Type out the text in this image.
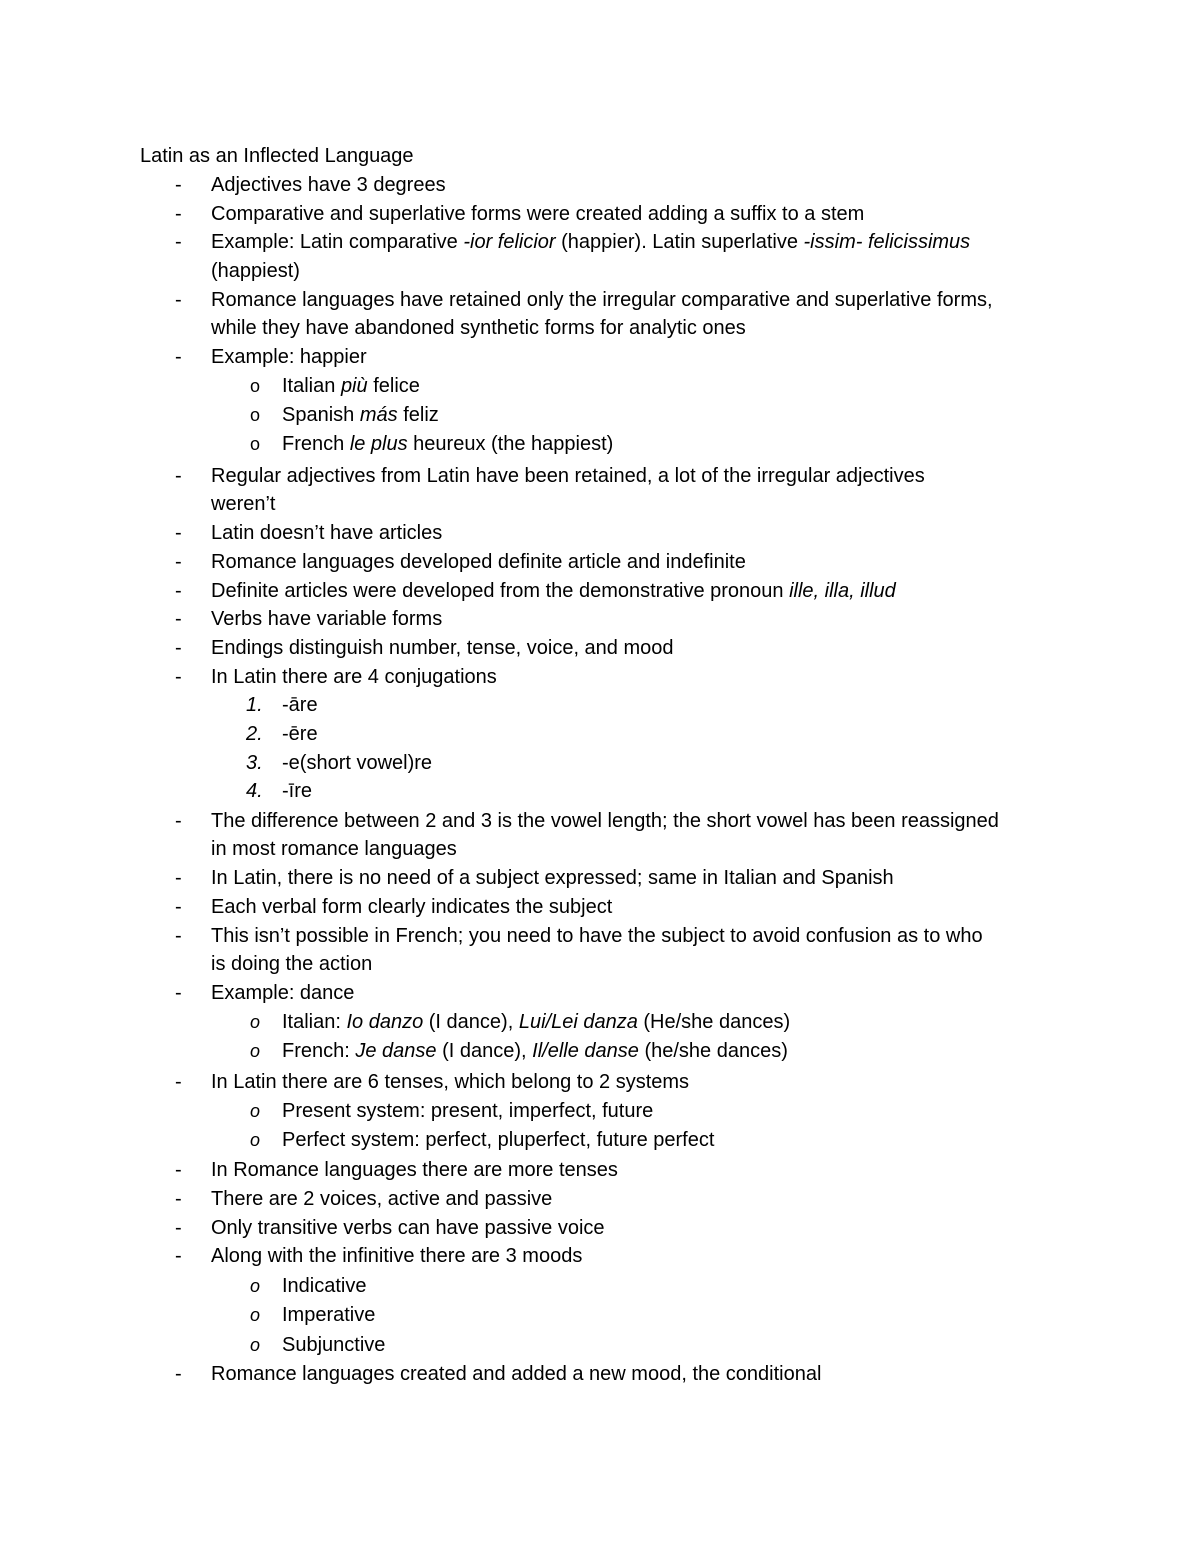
Latin as an Inflected Language
- Adjectives have 3 degrees
- Comparative and superlative forms were created adding a suffix to a stem
- Example: Latin comparative -ior felicior (happier). Latin superlative -issim- felicissimus
(happiest)
- Romance languages have retained only the irregular comparative and superlative forms,
while they have abandoned synthetic forms for analytic ones
- Example: happier
o Italian più felice
o Spanish más feliz
o French le plus heureux (the happiest)
- Regular adjectives from Latin have been retained, a lot of the irregular adjectives
weren’t
- Latin doesn’t have articles
- Romance languages developed definite article and indefinite
- Definite articles were developed from the demonstrative pronoun ille, illa, illud
- Verbs have variable forms
- Endings distinguish number, tense, voice, and mood
- In Latin there are 4 conjugations
1. -āre
2. -ēre
3. -e(short vowel)re
4. -īre
- The difference between 2 and 3 is the vowel length; the short vowel has been reassigned
in most romance languages
- In Latin, there is no need of a subject expressed; same in Italian and Spanish
- Each verbal form clearly indicates the subject
- This isn’t possible in French; you need to have the subject to avoid confusion as to who
is doing the action
- Example: dance
o Italian: Io danzo (I dance), Lui/Lei danza (He/she dances)
o French: Je danse (I dance), Il/elle danse (he/she dances)
- In Latin there are 6 tenses, which belong to 2 systems
o Present system: present, imperfect, future
o Perfect system: perfect, pluperfect, future perfect
- In Romance languages there are more tenses
- There are 2 voices, active and passive
- Only transitive verbs can have passive voice
- Along with the infinitive there are 3 moods
o Indicative
o Imperative
o Subjunctive
- Romance languages created and added a new mood, the conditional
